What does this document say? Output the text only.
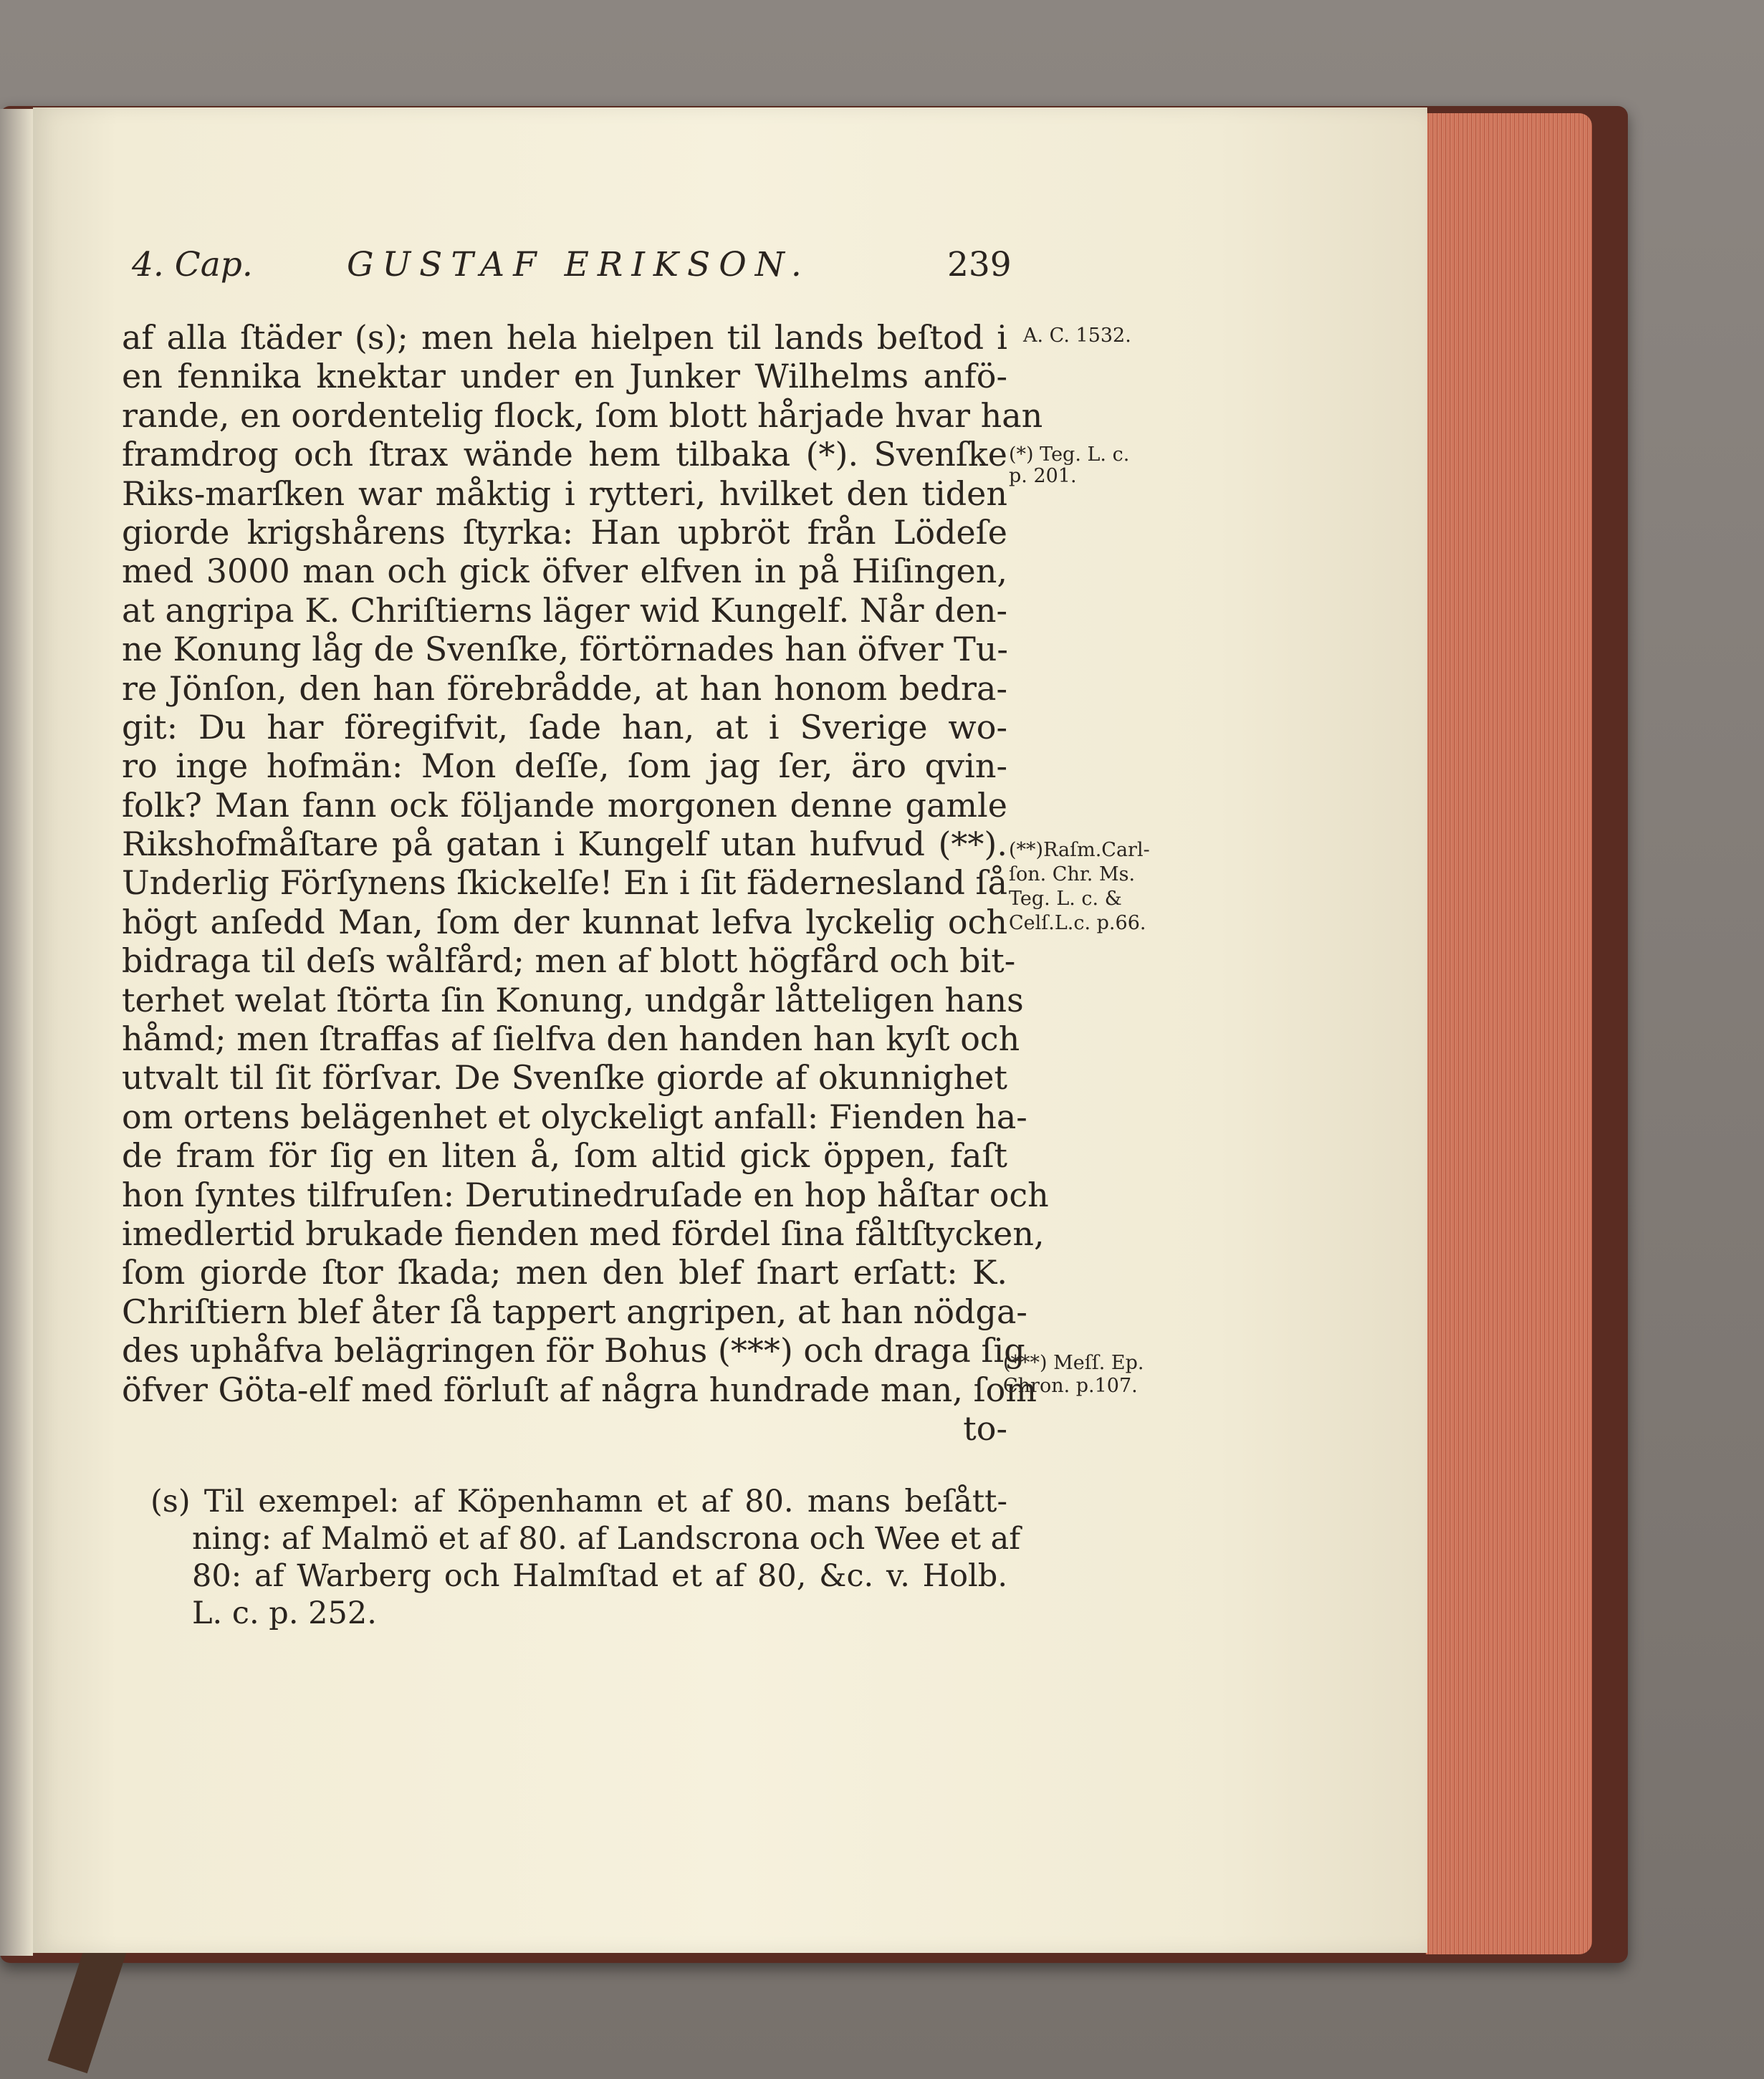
4. Cap.	GUSTAF ERIKSON.	239
af alla ſtäder (s); men hela hielpen til lands beſtod i
en fennika knektar under en Junker Wilhelms anfö-
rande, en oordentelig flock, ſom blott hårjade hvar han
framdrog och ſtrax wände hem tilbaka (*). Svenſke
Riks-marſken war måktig i rytteri, hvilket den tiden
giorde krigshårens ſtyrka: Han upbröt från Lödeſe
med 3000 man och gick öfver elfven in på Hiſingen,
at angripa K. Chriſtierns läger wid Kungelf. Når den-
ne Konung låg de Svenſke, förtörnades han öfver Tu-
re Jönſon, den han förebrådde, at han honom bedra-
git: Du har föregifvit, ſade han, at i Sverige wo-
ro inge hofmän: Mon deſſe, ſom jag ſer, äro qvin-
folk? Man fann ock följande morgonen denne gamle
Rikshofmåſtare på gatan i Kungelf utan hufvud (**).
Underlig Förſynens ſkickelſe! En i ſit fädernesland ſå
högt anſedd Man, ſom der kunnat lefva lyckelig och
bidraga til deſs wålfård; men af blott högfård och bit-
terhet welat ſtörta ſin Konung, undgår låtteligen hans
håmd; men ſtraffas af ſielfva den handen han kyſt och
utvalt til ſit förſvar. De Svenſke giorde af okunnighet
om ortens belägenhet et olyckeligt anfall: Fienden ha-
de fram för ſig en liten å, ſom altid gick öppen, faſt
hon ſyntes tilfruſen: Derutinedruſade en hop håſtar och
imedlertid brukade fienden med fördel ſina fåltſtycken,
ſom giorde ſtor ſkada; men den blef ſnart erſatt: K.
Chriſtiern blef åter ſå tappert angripen, at han nödga-
des uphåfva belägringen för Bohus (***) och draga ſig
öfver Göta-elf med förluſt af några hundrade man, ſom
to-
A. C. 1532.
(*) Teg. L. c.
p. 201.
(**)Raſm.Carl-
ſon. Chr. Ms.
Teg. L. c. &
Celſ.L.c. p.66.
(***) Meſſ. Ep.
Chron. p.107.
(s) Til exempel: af Köpenhamn et af 80. mans beſått-
ning: af Malmö et af 80. af Landscrona och Wee et af
80: af Warberg och Halmſtad et af 80, &c. v. Holb.
L. c. p. 252.
